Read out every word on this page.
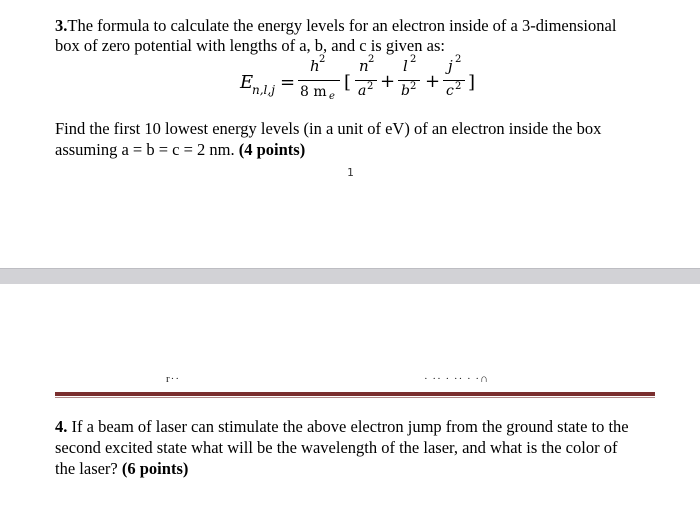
3.The formula to calculate the energy levels for an electron inside of a 3-dimensional
box of zero potential with lengths of a, b, and c is given as:
E
n,l,j =
h 2
8 m e
[
n 2
a 2 +
l 2
b 2 +
j 2
c 2 ]
Find the first 10 lowest energy levels (in a unit of eV) of an electron inside the box
assuming a = b = c = 2 nm. (4 points)
1
r··	· ·· · ·· · ·∩
4. If a beam of laser can stimulate the above electron jump from the ground state to the
second excited state what will be the wavelength of the laser, and what is the color of
the laser? (6 points)
